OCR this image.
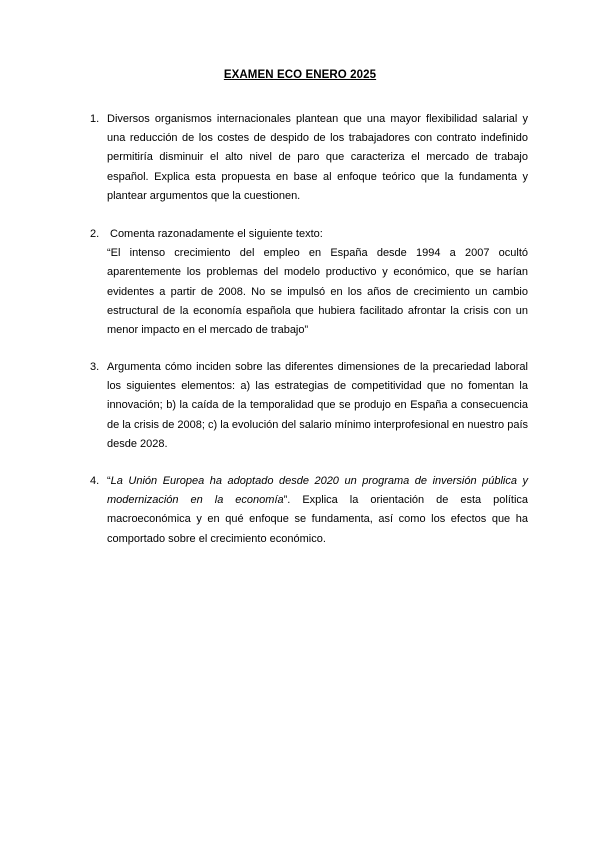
EXAMEN ECO ENERO 2025
1. Diversos organismos internacionales plantean que una mayor flexibilidad salarial y una reducción de los costes de despido de los trabajadores con contrato indefinido permitiría disminuir el alto nivel de paro que caracteriza el mercado de trabajo español. Explica esta propuesta en base al enfoque teórico que la fundamenta y plantear argumentos que la cuestionen.

2. Comenta razonadamente el siguiente texto:

“El intenso crecimiento del empleo en España desde 1994 a 2007 ocultó aparentemente los problemas del modelo productivo y económico, que se harían evidentes a partir de 2008. No se impulsó en los años de crecimiento un cambio estructural de la economía española que hubiera facilitado afrontar la crisis con un menor impacto en el mercado de trabajo”

3. Argumenta cómo inciden sobre las diferentes dimensiones de la precariedad laboral los siguientes elementos: a) las estrategias de competitividad que no fomentan la innovación; b) la caída de la temporalidad que se produjo en España a consecuencia de la crisis de 2008; c) la evolución del salario mínimo interprofesional en nuestro país desde 2028.

4. “La Unión Europea ha adoptado desde 2020 un programa de inversión pública y modernización en la economía”. Explica la orientación de esta política macroeconómica y en qué enfoque se fundamenta, así como los efectos que ha comportado sobre el crecimiento económico.
